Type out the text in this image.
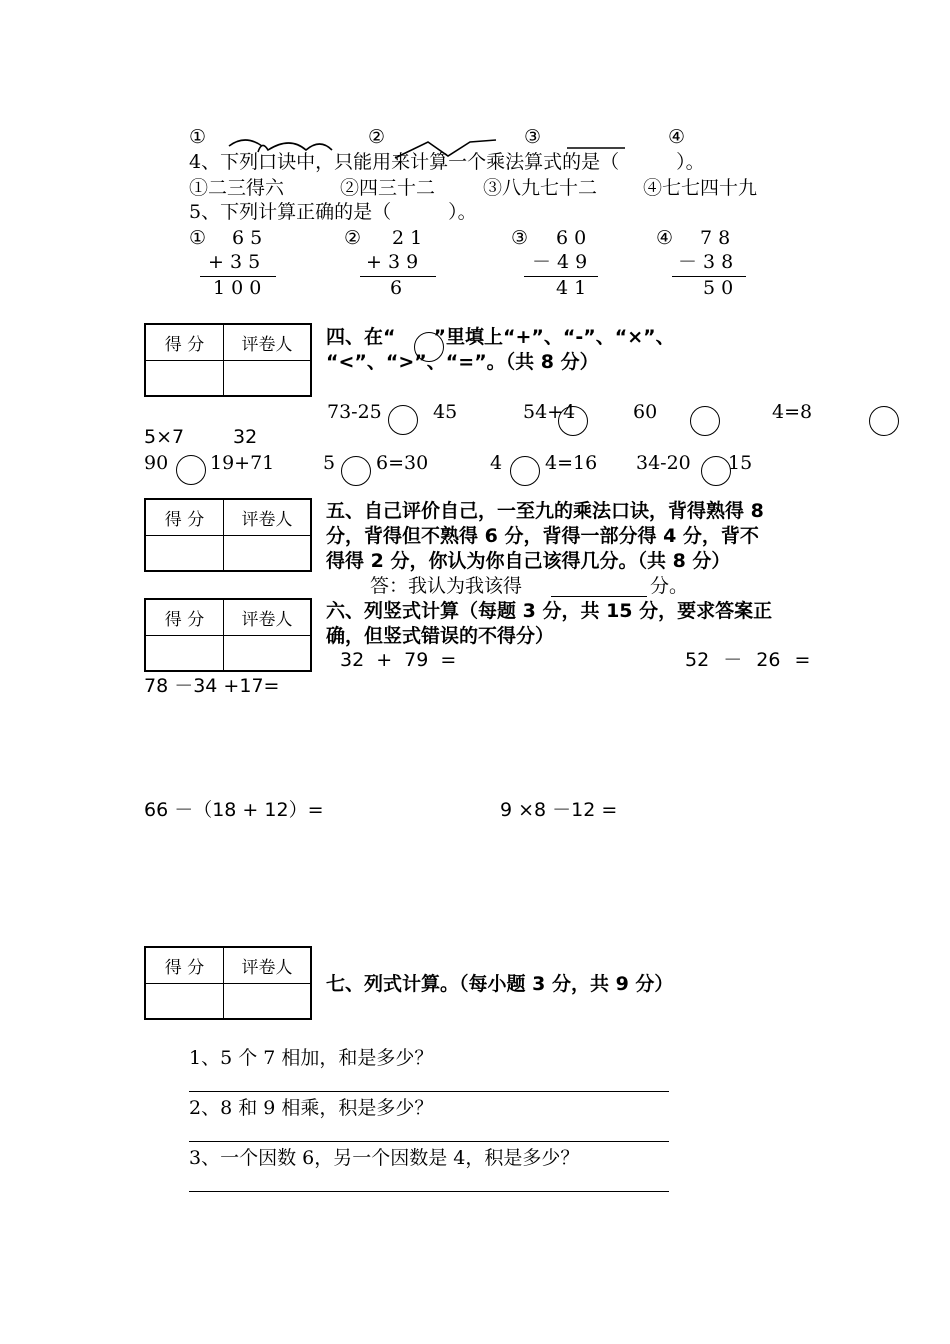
①	②	③	④
4、下列口诀中，只能用来计算一个乘法算式的是（　　　）。
①二三得六	②四三十二	③八九七十二 ④七七四十九
5、下列计算正确的是（　　　）。
① 6 5
+ 3 5
1 0 0
② 2 1
+ 3 9
6
③ 6 0
－ 4 9
4 1
④ 7 8
－ 3 8
5 0
得 分	评卷人	四、在“　　”里填上“+”、“-”、“×”、
“<”、“>”、“=”。（共 8 分）
73-25	45	54+4	60	4=8
5×7	32
90 19+71	5 6=30	4 4=16 34-20 15
得 分	评卷人	五、自己评价自己，一至九的乘法口诀，背得熟得 8
分，背得但不熟得 6 分，背得一部分得 4 分，背不
得得 2 分，你认为你自己该得几分。（共 8 分）
答：我认为我该得	分。
得 分	评卷人	六、列竖式计算（每题 3 分，共 15 分，要求答案正
确，但竖式错误的不得分）
32 + 79 =	52 － 26 =
78 －34 +17=
66 －（18 + 12）=	9 ×8 －12 =
得 分	评卷人
七、列式计算。（每小题 3 分，共 9 分）
1、5 个 7 相加，和是多少？
2、8 和 9 相乘，积是多少？
3、一个因数 6，另一个因数是 4，积是多少？
